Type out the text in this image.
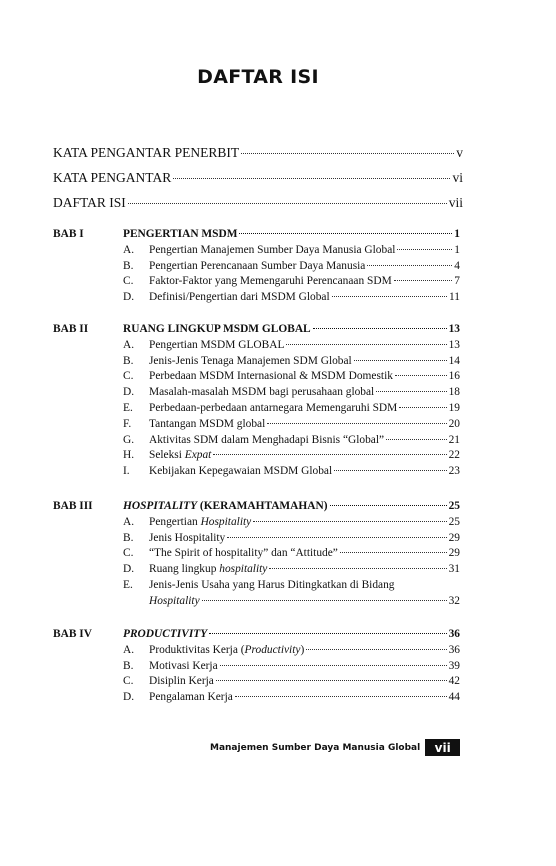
DAFTAR ISI
KATA PENGANTAR PENERBIT	v
KATA PENGANTAR	vi
DAFTAR ISI	vii
BAB I	PENGERTIAN MSDM	1
A.	Pengertian Manajemen Sumber Daya Manusia Global	1
B.	Pengertian Perencanaan Sumber Daya Manusia	4
C.	Faktor-Faktor yang Memengaruhi Perencanaan SDM	7
D.	Definisi/Pengertian dari MSDM Global	11
BAB II	RUANG LINGKUP MSDM GLOBAL	13
A.	Pengertian MSDM GLOBAL	13
B.	Jenis-Jenis Tenaga Manajemen SDM Global	14
C.	Perbedaan MSDM Internasional & MSDM Domestik	16
D.	Masalah-masalah MSDM bagi perusahaan global	18
E.	Perbedaan-perbedaan antarnegara Memengaruhi SDM	19
F.	Tantangan MSDM global	20
G.	Aktivitas SDM dalam Menghadapi Bisnis “Global”	21
H.	Seleksi Expat	22
I.	Kebijakan Kepegawaian MSDM Global	23
BAB III	HOSPITALITY (KERAMAHTAMAHAN)	25
A.	Pengertian Hospitality	25
B.	Jenis Hospitality	29
C.	“The Spirit of hospitality” dan “Attitude”	29
D.	Ruang lingkup hospitality	31
E.	Jenis-Jenis Usaha yang Harus Ditingkatkan di Bidang
Hospitality	32
BAB IV	PRODUCTIVITY	36
A.	Produktivitas Kerja (Productivity)	36
B.	Motivasi Kerja	39
C.	Disiplin Kerja	42
D.	Pengalaman Kerja	44
Manajemen Sumber Daya Manusia Global	vii
